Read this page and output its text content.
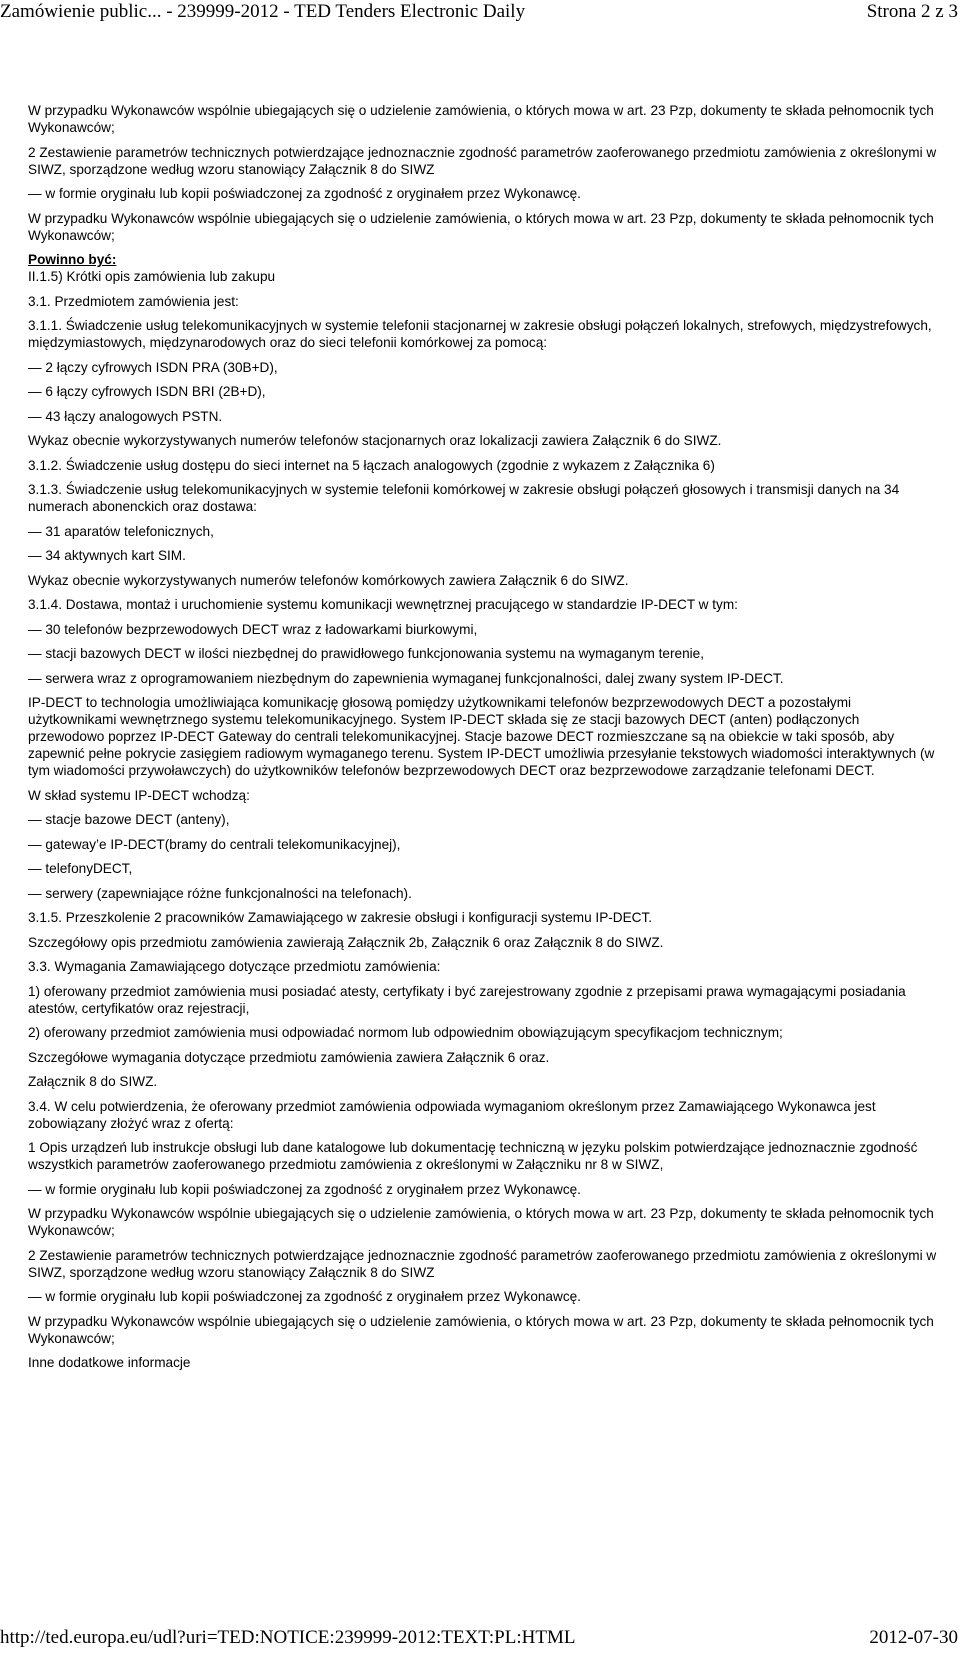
Zamówienie public... - 239999-2012 - TED Tenders Electronic Daily	Strona 2 z 3

W przypadku Wykonawców wspólnie ubiegających się o udzielenie zamówienia, o których mowa w art. 23 Pzp, dokumenty te składa pełnomocnik tych Wykonawców;

2 Zestawienie parametrów technicznych potwierdzające jednoznacznie zgodność parametrów zaoferowanego przedmiotu zamówienia z określonymi w SIWZ, sporządzone według wzoru stanowiący Załącznik 8 do SIWZ

— w formie oryginału lub kopii poświadczonej za zgodność z oryginałem przez Wykonawcę.

W przypadku Wykonawców wspólnie ubiegających się o udzielenie zamówienia, o których mowa w art. 23 Pzp, dokumenty te składa pełnomocnik tych Wykonawców;

Powinno być:

II.1.5) Krótki opis zamówienia lub zakupu

3.1. Przedmiotem zamówienia jest:

3.1.1. Świadczenie usług telekomunikacyjnych w systemie telefonii stacjonarnej w zakresie obsługi połączeń lokalnych, strefowych, międzystrefowych, międzymiastowych, międzynarodowych oraz do sieci telefonii komórkowej za pomocą:

— 2 łączy cyfrowych ISDN PRA (30B+D),

— 6 łączy cyfrowych ISDN BRI (2B+D),

— 43 łączy analogowych PSTN.

Wykaz obecnie wykorzystywanych numerów telefonów stacjonarnych oraz lokalizacji zawiera Załącznik 6 do SIWZ.

3.1.2. Świadczenie usług dostępu do sieci internet na 5 łączach analogowych (zgodnie z wykazem z Załącznika 6)

3.1.3. Świadczenie usług telekomunikacyjnych w systemie telefonii komórkowej w zakresie obsługi połączeń głosowych i transmisji danych na 34 numerach abonenckich oraz dostawa:

— 31 aparatów telefonicznych,

— 34 aktywnych kart SIM.

Wykaz obecnie wykorzystywanych numerów telefonów komórkowych zawiera Załącznik 6 do SIWZ.

3.1.4. Dostawa, montaż i uruchomienie systemu komunikacji wewnętrznej pracującego w standardzie IP-DECT w tym:

— 30 telefonów bezprzewodowych DECT wraz z ładowarkami biurkowymi,

— stacji bazowych DECT w ilości niezbędnej do prawidłowego funkcjonowania systemu na wymaganym terenie,

— serwera wraz z oprogramowaniem niezbędnym do zapewnienia wymaganej funkcjonalności, dalej zwany system IP-DECT.

IP-DECT to technologia umożliwiająca komunikację głosową pomiędzy użytkownikami telefonów bezprzewodowych DECT a pozostałymi użytkownikami wewnętrznego systemu telekomunikacyjnego. System IP-DECT składa się ze stacji bazowych DECT (anten) podłączonych przewodowo poprzez IP-DECT Gateway do centrali telekomunikacyjnej. Stacje bazowe DECT rozmieszczane są na obiekcie w taki sposób, aby zapewnić pełne pokrycie zasięgiem radiowym wymaganego terenu. System IP-DECT umożliwia przesyłanie tekstowych wiadomości interaktywnych (w tym wiadomości przywoławczych) do użytkowników telefonów bezprzewodowych DECT oraz bezprzewodowe zarządzanie telefonami DECT.

W skład systemu IP-DECT wchodzą:

— stacje bazowe DECT (anteny),

— gateway’e IP-DECT(bramy do centrali telekomunikacyjnej),

— telefonyDECT,

— serwery (zapewniające różne funkcjonalności na telefonach).

3.1.5. Przeszkolenie 2 pracowników Zamawiającego w zakresie obsługi i konfiguracji systemu IP-DECT.

Szczegółowy opis przedmiotu zamówienia zawierają Załącznik 2b, Załącznik 6 oraz Załącznik 8 do SIWZ.

3.3. Wymagania Zamawiającego dotyczące przedmiotu zamówienia:

1) oferowany przedmiot zamówienia musi posiadać atesty, certyfikaty i być zarejestrowany zgodnie z przepisami prawa wymagającymi posiadania atestów, certyfikatów oraz rejestracji,

2) oferowany przedmiot zamówienia musi odpowiadać normom lub odpowiednim obowiązującym specyfikacjom technicznym;

Szczegółowe wymagania dotyczące przedmiotu zamówienia zawiera Załącznik 6 oraz.

Załącznik 8 do SIWZ.

3.4. W celu potwierdzenia, że oferowany przedmiot zamówienia odpowiada wymaganiom określonym przez Zamawiającego Wykonawca jest zobowiązany złożyć wraz z ofertą:

1 Opis urządzeń lub instrukcje obsługi lub dane katalogowe lub dokumentację techniczną w języku polskim potwierdzające jednoznacznie zgodność wszystkich parametrów zaoferowanego przedmiotu zamówienia z określonymi w Załączniku nr 8 w SIWZ,

— w formie oryginału lub kopii poświadczonej za zgodność z oryginałem przez Wykonawcę.

W przypadku Wykonawców wspólnie ubiegających się o udzielenie zamówienia, o których mowa w art. 23 Pzp, dokumenty te składa pełnomocnik tych Wykonawców;

2 Zestawienie parametrów technicznych potwierdzające jednoznacznie zgodność parametrów zaoferowanego przedmiotu zamówienia z określonymi w SIWZ, sporządzone według wzoru stanowiący Załącznik 8 do SIWZ

— w formie oryginału lub kopii poświadczonej za zgodność z oryginałem przez Wykonawcę.

W przypadku Wykonawców wspólnie ubiegających się o udzielenie zamówienia, o których mowa w art. 23 Pzp, dokumenty te składa pełnomocnik tych Wykonawców;

Inne dodatkowe informacje

http://ted.europa.eu/udl?uri=TED:NOTICE:239999-2012:TEXT:PL:HTML	2012-07-30
